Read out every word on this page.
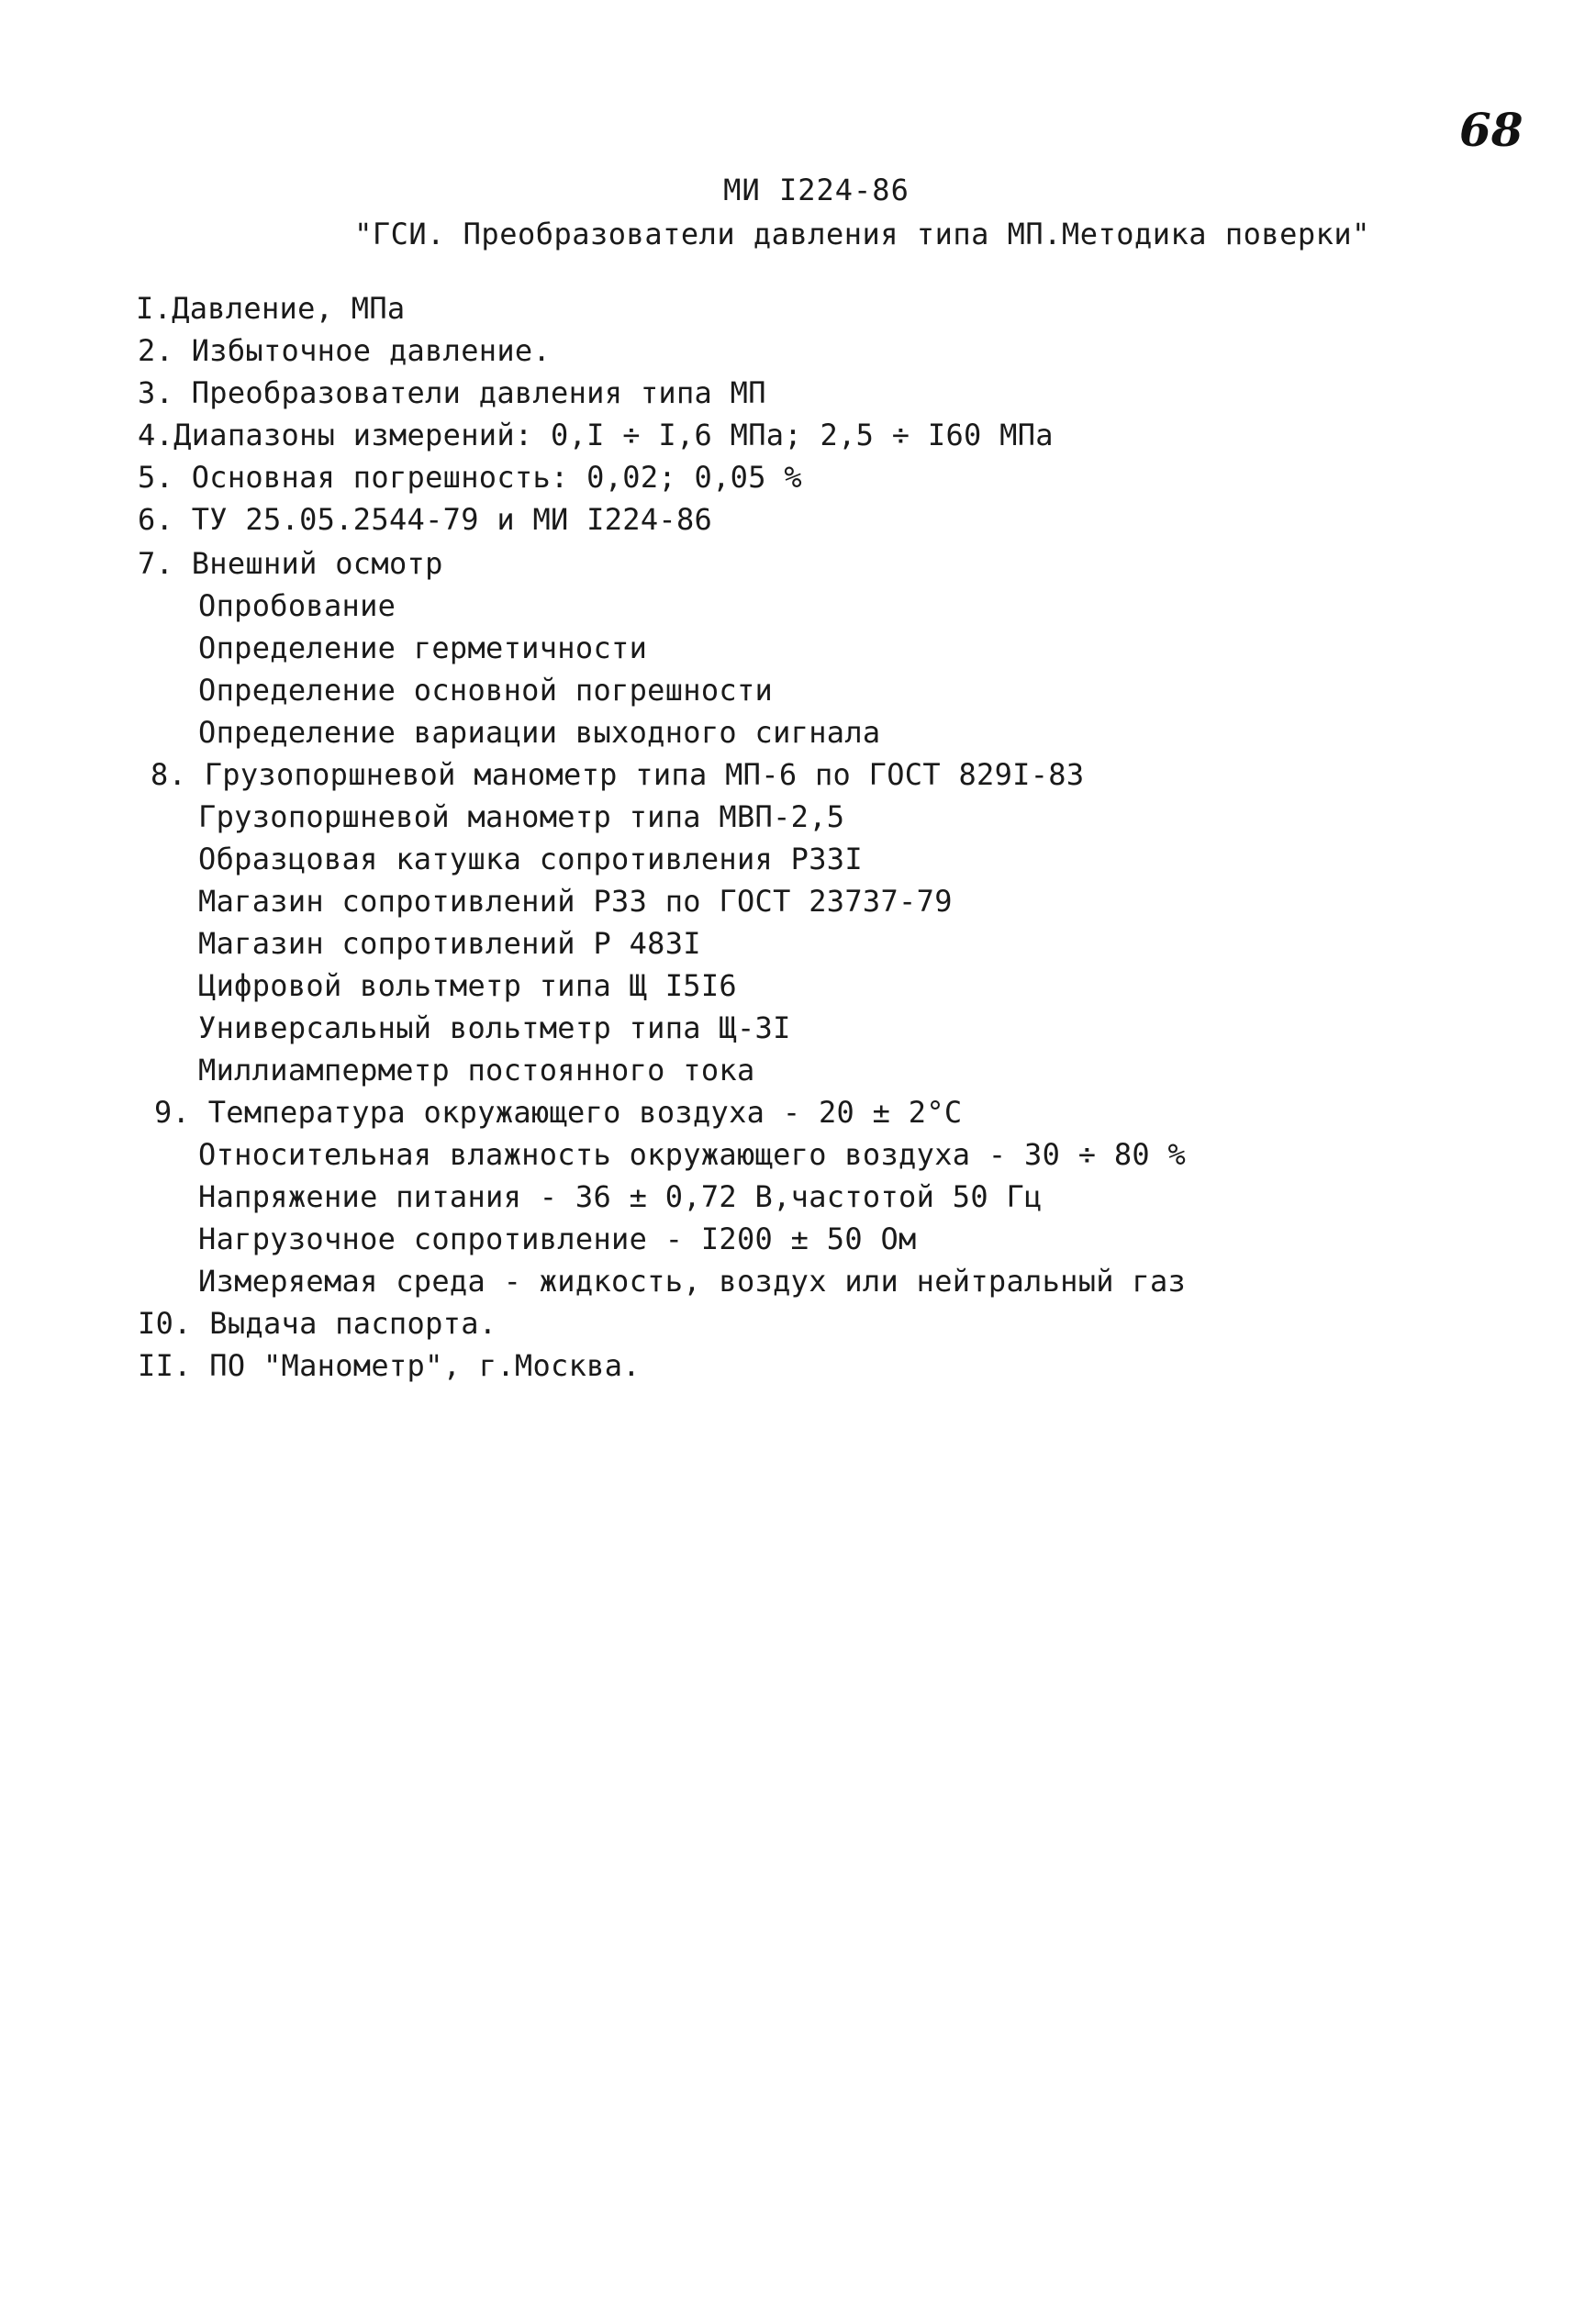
68
МИ I224-86
"ГСИ. Преобразователи давления типа МП.Методика поверки"
I.Давление, МПа
2. Избыточное давление.
3. Преобразователи давления типа МП
4.Диапазоны измерений: 0,I ÷ I,6 МПа; 2,5 ÷ I60 МПа
5. Основная погрешность: 0,02; 0,05 %
6. ТУ 25.05.2544-79 и МИ I224-86
7. Внешний осмотр
Опробование
Определение герметичности
Определение основной погрешности
Определение вариации выходного сигнала
8. Грузопоршневой манометр типа МП-6 по ГОСТ 829I-83
Грузопоршневой манометр типа МВП-2,5
Образцовая катушка сопротивления Р33I
Магазин сопротивлений Р33 по ГОСТ 23737-79
Магазин сопротивлений Р 483I
Цифровой вольтметр типа Щ I5I6
Универсальный вольтметр типа Щ-3I
Миллиамперметр постоянного тока
9. Температура окружающего воздуха - 20 ± 2°С
Относительная влажность окружающего воздуха - 30 ÷ 80 %
Напряжение питания - 36 ± 0,72 В,частотой 50 Гц
Нагрузочное сопротивление - I200 ± 50 Ом
Измеряемая среда - жидкость, воздух или нейтральный газ
I0. Выдача паспорта.
II. ПО "Манометр", г.Москва.
